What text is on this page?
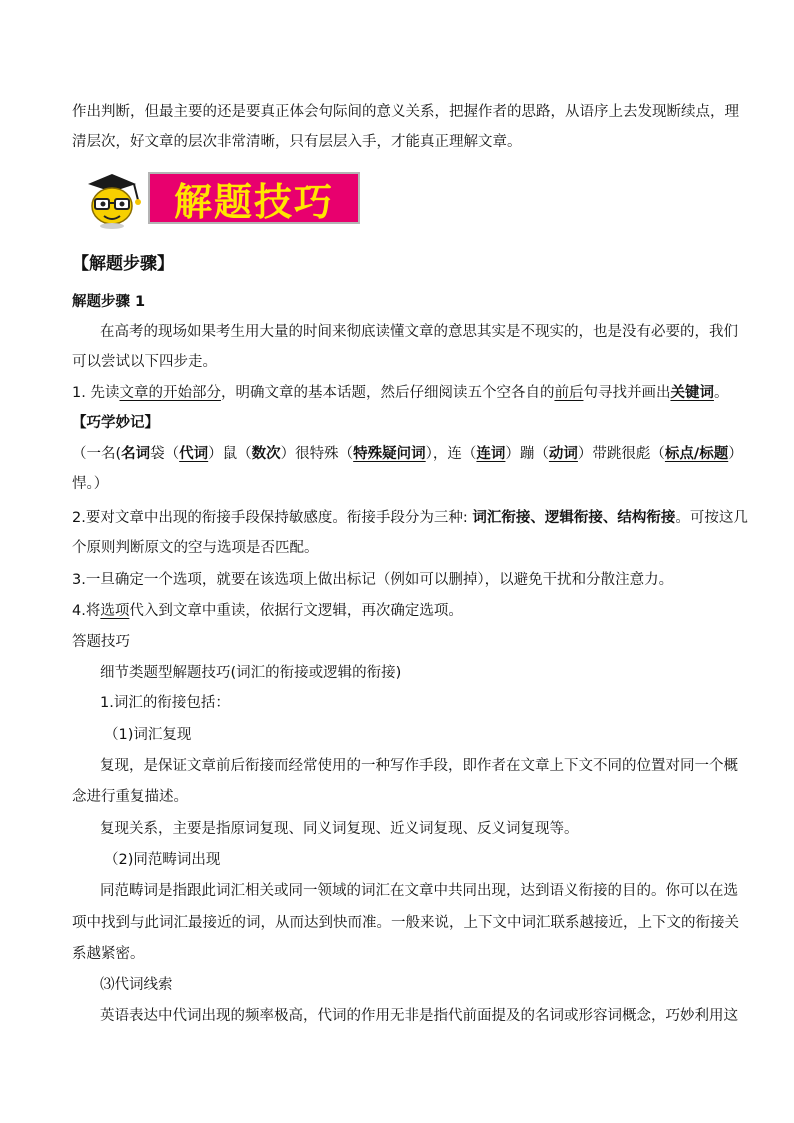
作出判断，但最主要的还是要真正体会句际间的意义关系，把握作者的思路，从语序上去发现断续点，理
清层次，好文章的层次非常清晰，只有层层入手，才能真正理解文章。
解题技巧
【解题步骤】
解题步骤 1
在高考的现场如果考生用大量的时间来彻底读懂文章的意思其实是不现实的，也是没有必要的，我们
可以尝试以下四步走。
1. 先读文章的开始部分，明确文章的基本话题，然后仔细阅读五个空各自的前后句寻找并画出关键词。
【巧学妙记】
（一名(名词袋（代词）鼠（数次）很特殊（特殊疑问词），连（连词）蹦（动词）带跳很彪（标点/标题）
悍。）
2.要对文章中出现的衔接手段保持敏感度。衔接手段分为三种: 词汇衔接、逻辑衔接、结构衔接。可按这几
个原则判断原文的空与选项是否匹配。
3.一旦确定一个选项，就要在该选项上做出标记（例如可以删掉），以避免干扰和分散注意力。
4.将选项代入到文章中重读，依据行文逻辑，再次确定选项。
答题技巧
细节类题型解题技巧(词汇的衔接或逻辑的衔接)
1.词汇的衔接包括：
（1)词汇复现
复现，是保证文章前后衔接而经常使用的一种写作手段，即作者在文章上下文不同的位置对同一个概
念进行重复描述。
复现关系，主要是指原词复现、同义词复现、近义词复现、反义词复现等。
（2)同范畴词出现
同范畴词是指跟此词汇相关或同一领域的词汇在文章中共同出现，达到语义衔接的目的。你可以在选
项中找到与此词汇最接近的词，从而达到快而准。一般来说，上下文中词汇联系越接近，上下文的衔接关
系越紧密。
⑶代词线索
英语表达中代词出现的频率极高，代词的作用无非是指代前面提及的名词或形容词概念，巧妙利用这
